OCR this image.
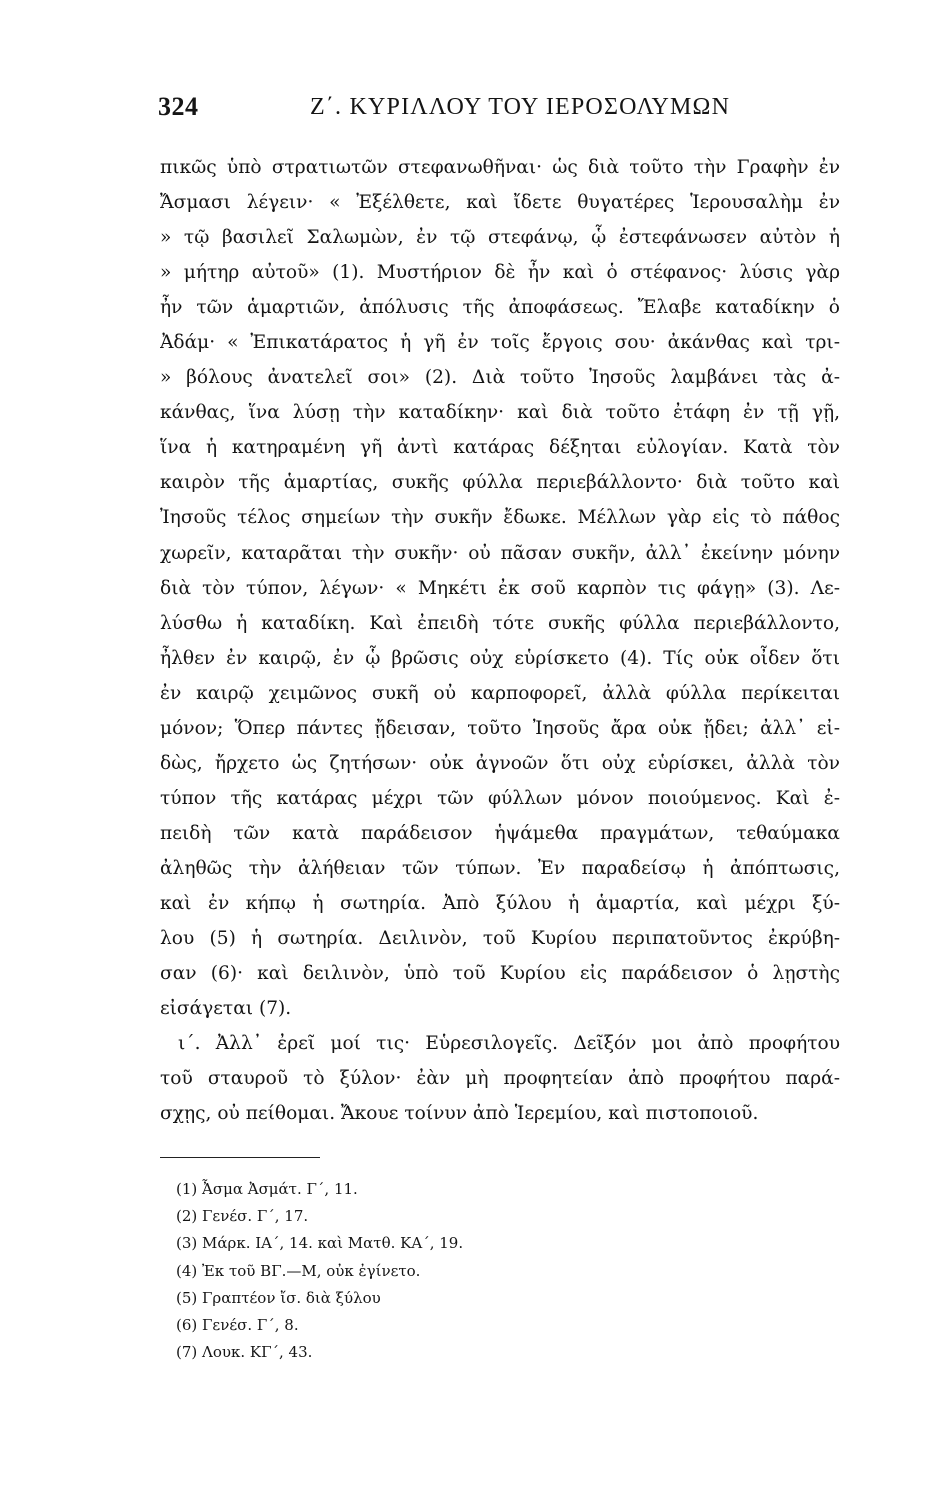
324	Ζ΄. ΚΥΡΙΛΛΟΥ ΤΟΥ ΙΕΡΟΣΟΛΥΜΩΝ
πικῶς ὑπὸ στρατιωτῶν στεφανωθῆναι· ὡς διὰ τοῦτο τὴν Γραφὴν ἐν
Ἄσμασι λέγειν· « Ἐξέλθετε, καὶ ἴδετε θυγατέρες Ἱερουσαλὴμ ἐν
» τῷ βασιλεῖ Σαλωμὼν, ἐν τῷ στεφάνῳ, ᾧ ἐστεφάνωσεν αὐτὸν ἡ
» μήτηρ αὐτοῦ» (1). Μυστήριον δὲ ἦν καὶ ὁ στέφανος· λύσις γὰρ
ἦν τῶν ἁμαρτιῶν, ἀπόλυσις τῆς ἀποφάσεως. Ἔλαβε καταδίκην ὁ
Ἀδάμ· « Ἐπικατάρατος ἡ γῆ ἐν τοῖς ἔργοις σου· ἀκάνθας καὶ τρι-
» βόλους ἀνατελεῖ σοι» (2). Διὰ τοῦτο Ἰησοῦς λαμβάνει τὰς ἀ-
κάνθας, ἵνα λύσῃ τὴν καταδίκην· καὶ διὰ τοῦτο ἐτάφη ἐν τῇ γῇ,
ἵνα ἡ κατηραμένη γῆ ἀντὶ κατάρας δέξηται εὐλογίαν. Κατὰ τὸν
καιρὸν τῆς ἁμαρτίας, συκῆς φύλλα περιεβάλλοντο· διὰ τοῦτο καὶ
Ἰησοῦς τέλος σημείων τὴν συκῆν ἔδωκε. Μέλλων γὰρ εἰς τὸ πάθος
χωρεῖν, καταρᾶται τὴν συκῆν· οὐ πᾶσαν συκῆν, ἀλλ᾽ ἐκείνην μόνην
διὰ τὸν τύπον, λέγων· « Μηκέτι ἐκ σοῦ καρπὸν τις φάγῃ» (3). Λε-
λύσθω ἡ καταδίκη. Καὶ ἐπειδὴ τότε συκῆς φύλλα περιεβάλλοντο,
ἦλθεν ἐν καιρῷ, ἐν ᾧ βρῶσις οὐχ εὑρίσκετο (4). Τίς οὐκ οἶδεν ὅτι
ἐν καιρῷ χειμῶνος συκῆ οὐ καρποφορεῖ, ἀλλὰ φύλλα περίκειται
μόνον; Ὅπερ πάντες ᾔδεισαν, τοῦτο Ἰησοῦς ἄρα οὐκ ᾔδει; ἀλλ᾽ εἰ-
δὼς, ἤρχετο ὡς ζητήσων· οὐκ ἀγνοῶν ὅτι οὐχ εὑρίσκει, ἀλλὰ τὸν
τύπον τῆς κατάρας μέχρι τῶν φύλλων μόνον ποιούμενος. Καὶ ἐ-
πειδὴ τῶν κατὰ παράδεισον ἡψάμεθα πραγμάτων, τεθαύμακα
ἀληθῶς τὴν ἀλήθειαν τῶν τύπων. Ἐν παραδείσῳ ἡ ἀπόπτωσις,
καὶ ἐν κήπῳ ἡ σωτηρία. Ἀπὸ ξύλου ἡ ἁμαρτία, καὶ μέχρι ξύ-
λου (5) ἡ σωτηρία. Δειλινὸν, τοῦ Κυρίου περιπατοῦντος ἐκρύβη-
σαν (6)· καὶ δειλινὸν, ὑπὸ τοῦ Κυρίου εἰς παράδεισον ὁ λῃστὴς
εἰσάγεται (7).
ι΄. Ἀλλ᾽ ἐρεῖ μοί τις· Εὑρεσιλογεῖς. Δεῖξόν μοι ἀπὸ προφήτου
τοῦ σταυροῦ τὸ ξύλον· ἐὰν μὴ προφητείαν ἀπὸ προφήτου παρά-
σχῃς, οὐ πείθομαι. Ἄκουε τοίνυν ἀπὸ Ἱερεμίου, καὶ πιστοποιοῦ.
(1) Ἆσμα Ἀσμάτ. Γ΄, 11.
(2) Γενέσ. Γ΄, 17.
(3) Μάρκ. ΙΑ΄, 14. καὶ Ματθ. ΚΑ΄, 19.
(4) Ἐκ τοῦ ΒΓ.—Μ, οὐκ ἐγίνετο.
(5) Γραπτέον ἴσ. διὰ ξύλου
(6) Γενέσ. Γ΄, 8.
(7) Λουκ. ΚΓ΄, 43.
